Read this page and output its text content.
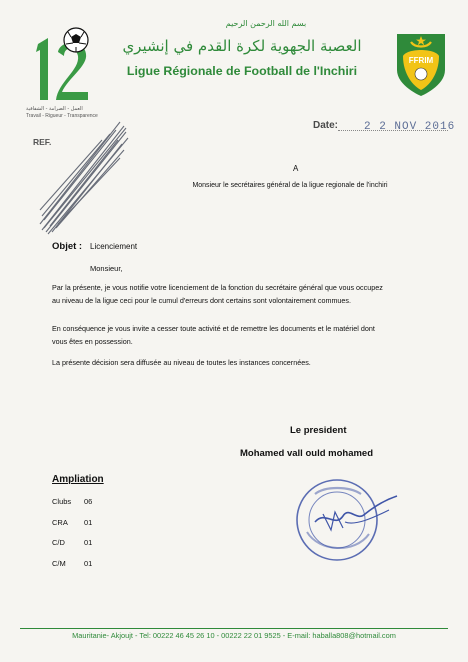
العمل - الصرامة - الشفافية
Travail - Rigueur - Transparence
بسم الله الرحمن الرحيم
العصبة الجهوية لكرة القدم في إنشيري
Ligue Régionale de Football de l'Inchiri
FFRIM
Date: 2 2 NOV 2016
REF.
A
Monsieur le secrétaires général de la ligue regionale de l'inchiri
Objet : Licenciement
Monsieur,
Par la présente, je vous notifie votre licenciement de la fonction du secrétaire général que vous occupez au niveau de la ligue ceci pour le cumul d'erreurs dont certains sont volontairement commues.
En conséquence je vous invite a cesser toute activité et de remettre les documents et le matériel dont vous êtes en possession.
La présente décision sera diffusée au niveau de toutes les instances concernées.
Le president
Mohamed vall ould mohamed
Ampliation
Clubs 06
CRA 01
C/D	01
C/M 01
Mauritanie- Akjoujt - Tel: 00222 46 45 26 10 - 00222 22 01 9525 - E-mail: haballa808@hotmail.com
